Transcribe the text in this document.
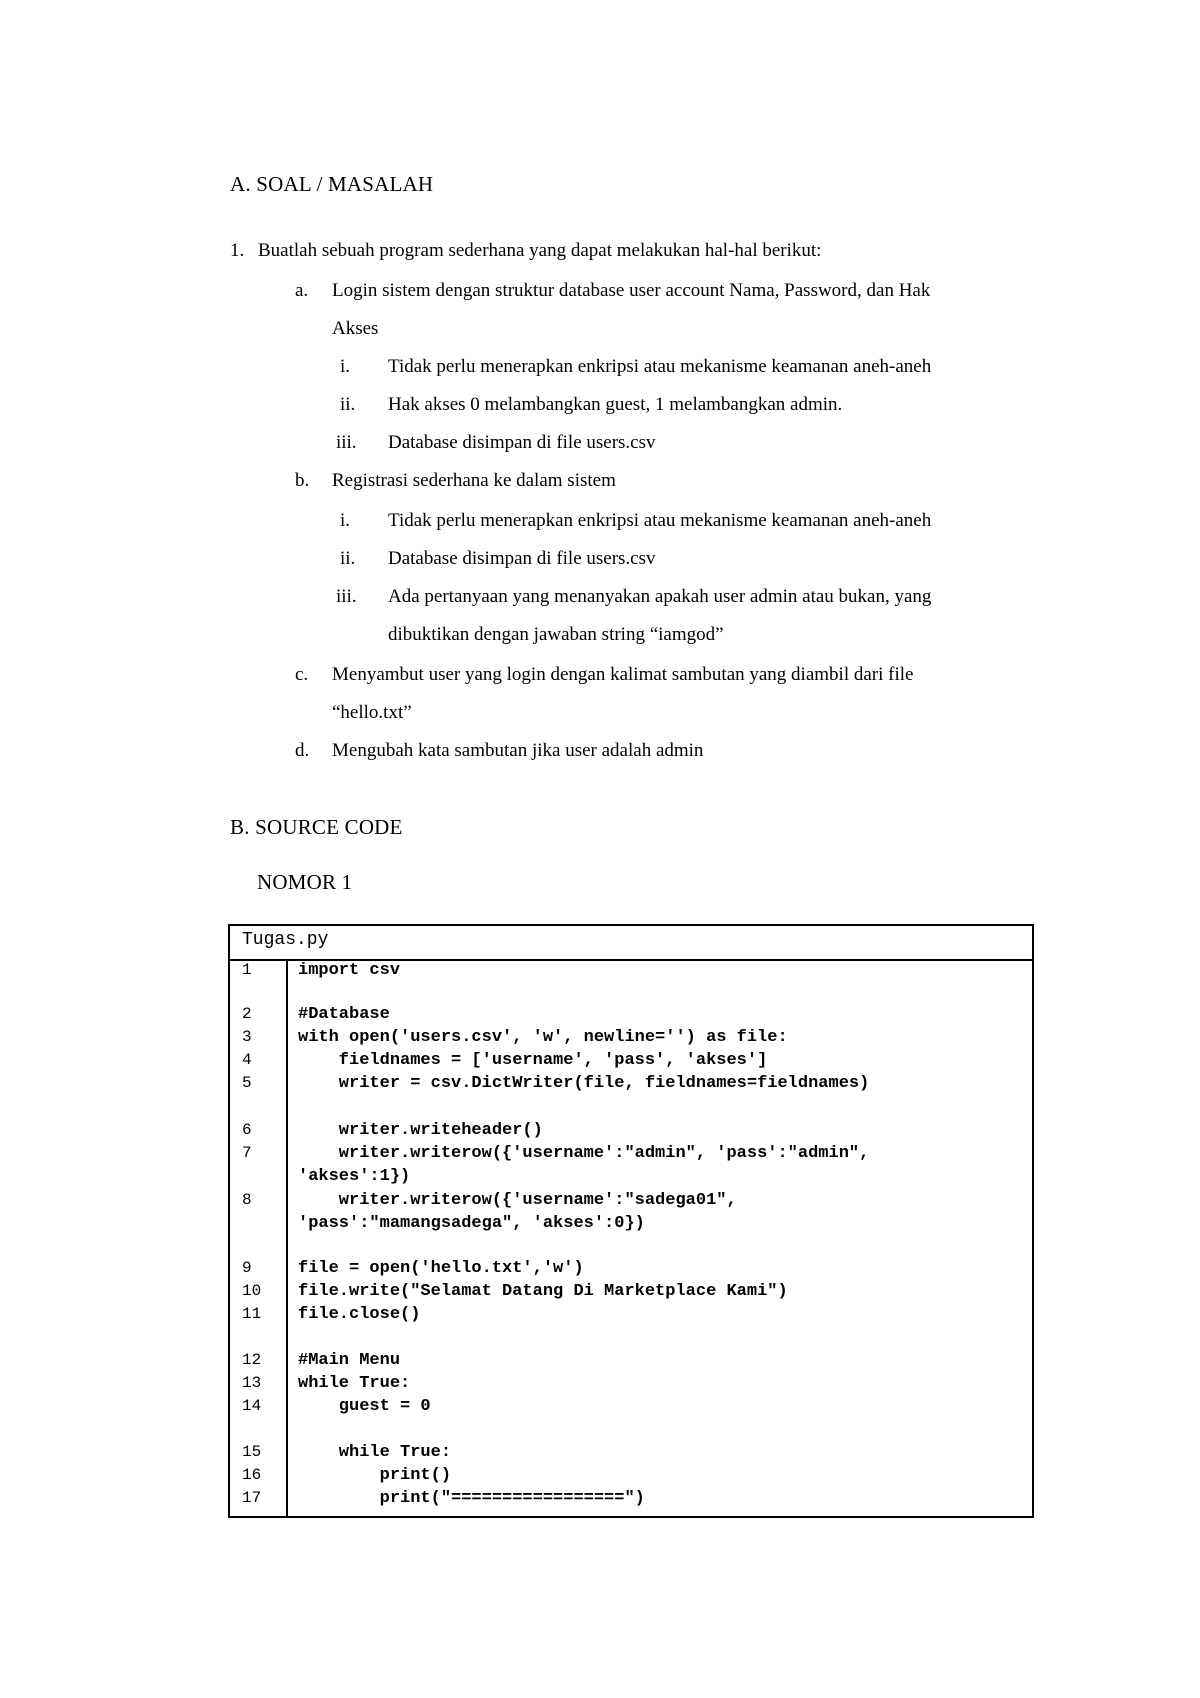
A. SOAL / MASALAH
1. Buatlah sebuah program sederhana yang dapat melakukan hal-hal berikut:
a. Login sistem dengan struktur database user account Nama, Password, dan Hak
Akses
i. Tidak perlu menerapkan enkripsi atau mekanisme keamanan aneh-aneh
ii. Hak akses 0 melambangkan guest, 1 melambangkan admin.
iii. Database disimpan di file users.csv
b. Registrasi sederhana ke dalam sistem
i. Tidak perlu menerapkan enkripsi atau mekanisme keamanan aneh-aneh
ii. Database disimpan di file users.csv
iii. Ada pertanyaan yang menanyakan apakah user admin atau bukan, yang
dibuktikan dengan jawaban string “iamgod”
c. Menyambut user yang login dengan kalimat sambutan yang diambil dari file
“hello.txt”
d. Mengubah kata sambutan jika user adalah admin
B. SOURCE CODE
NOMOR 1
Tugas.py
1
2
3
4
5
6
7
8
9
10
11
12
13
14
15
16
17
import csv
#Database
with open('users.csv', 'w', newline='') as file:
fieldnames = ['username', 'pass', 'akses']
writer = csv.DictWriter(file, fieldnames=fieldnames)
writer.writeheader()
writer.writerow({'username':"admin", 'pass':"admin",
'akses':1})
writer.writerow({'username':"sadega01",
'pass':"mamangsadega", 'akses':0})
file = open('hello.txt','w')
file.write("Selamat Datang Di Marketplace Kami")
file.close()
#Main Menu
while True:
guest = 0
while True:
print()
print("=================")
